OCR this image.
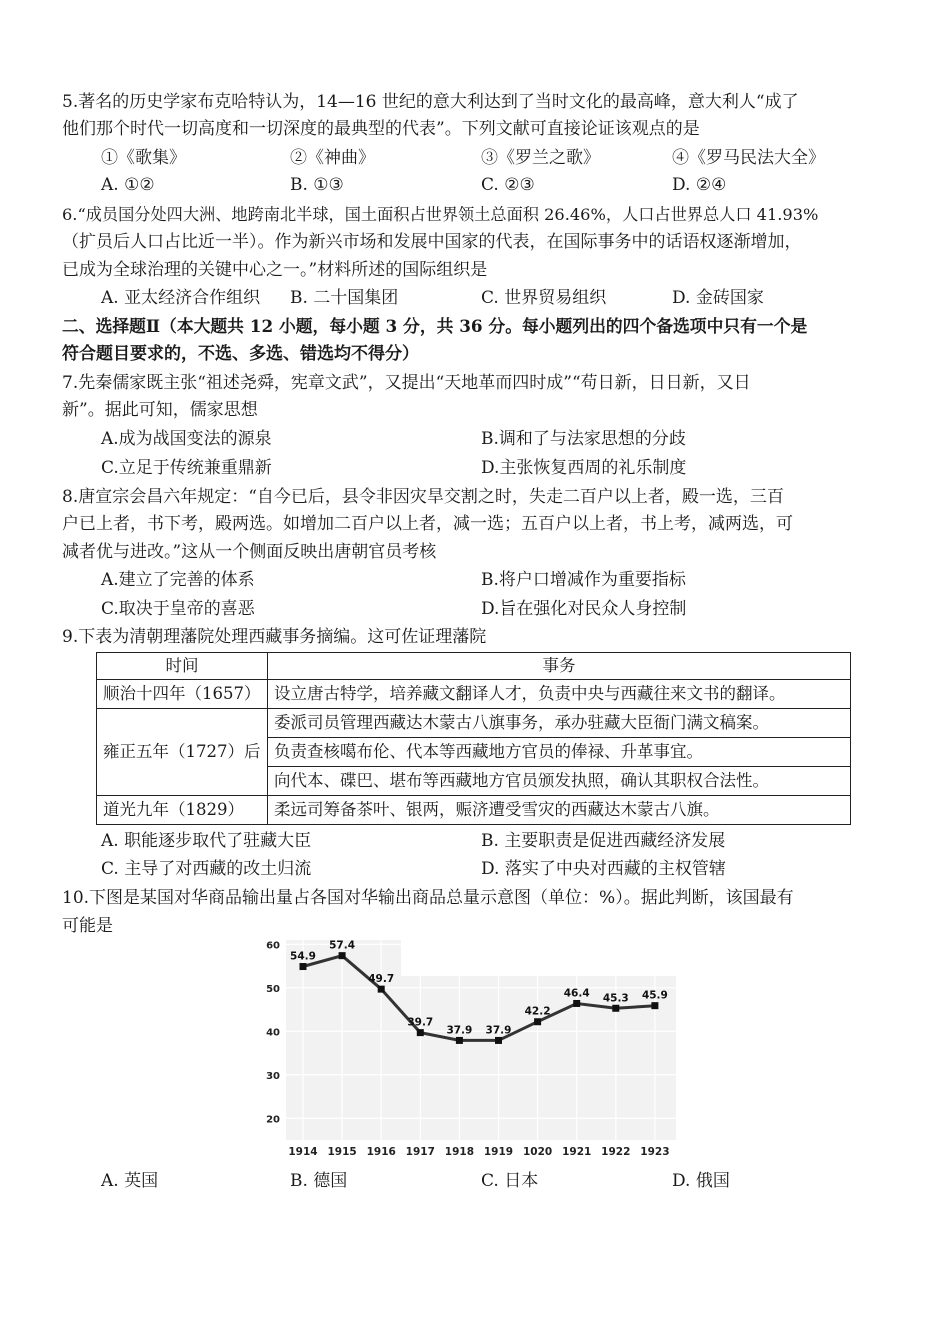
5.著名的历史学家布克哈特认为，14—16 世纪的意大利达到了当时文化的最高峰，意大利人“成了
他们那个时代一切高度和一切深度的最典型的代表”。下列文献可直接论证该观点的是
①《歌集》	②《神曲》	③《罗兰之歌》	④《罗马民法大全》
A. ①②	B. ①③	C. ②③	D. ②④
6.“成员国分处四大洲、地跨南北半球，国土面积占世界领土总面积 26.46%，人口占世界总人口 41.93%
（扩员后人口占比近一半）。作为新兴市场和发展中国家的代表，在国际事务中的话语权逐渐增加，
已成为全球治理的关键中心之一。”材料所述的国际组织是
A. 亚太经济合作组织 B. 二十国集团	C. 世界贸易组织	D. 金砖国家
二、选择题Ⅱ（本大题共 12 小题，每小题 3 分，共 36 分。每小题列出的四个备选项中只有一个是
符合题目要求的，不选、多选、错选均不得分）
7.先秦儒家既主张“祖述尧舜，宪章文武”，又提出“天地革而四时成”“苟日新，日日新，又日
新”。据此可知，儒家思想
A.成为战国变法的源泉	B.调和了与法家思想的分歧
C.立足于传统兼重鼎新	D.主张恢复西周的礼乐制度
8.唐宣宗会昌六年规定：“自今已后，县令非因灾旱交割之时，失走二百户以上者，殿一选，三百
户已上者，书下考，殿两选。如增加二百户以上者，减一选；五百户以上者，书上考，减两选，可
减者优与进改。”这从一个侧面反映出唐朝官员考核
A.建立了完善的体系	B.将户口增减作为重要指标
C.取决于皇帝的喜恶	D.旨在强化对民众人身控制
9.下表为清朝理藩院处理西藏事务摘编。这可佐证理藩院
时间	事务
顺治十四年（1657）	设立唐古特学，培养藏文翻译人才，负责中央与西藏往来文书的翻译。
雍正五年（1727）后	委派司员管理西藏达木蒙古八旗事务，承办驻藏大臣衙门满文稿案。
	负责查核噶布伦、代本等西藏地方官员的俸禄、升革事宜。
	向代本、碟巴、堪布等西藏地方官员颁发执照，确认其职权合法性。
道光九年（1829）	柔远司筹备茶叶、银两，赈济遭受雪灾的西藏达木蒙古八旗。
A. 职能逐步取代了驻藏大臣	B. 主要职责是促进西藏经济发展
C. 主导了对西藏的改土归流	D. 落实了中央对西藏的主权管辖
10.下图是某国对华商品输出量占各国对华输出商品总量示意图（单位：%）。据此判断，该国最有
可能是
60
50
40
30
20
1914 1915 1916 1917 1918 1919 1020 1921 1922 1923
54.9
57.4
49.7
39.7
37.9 37.9
42.2
46.4 45.3 45.9
A. 英国	B. 德国	C. 日本	D. 俄国
